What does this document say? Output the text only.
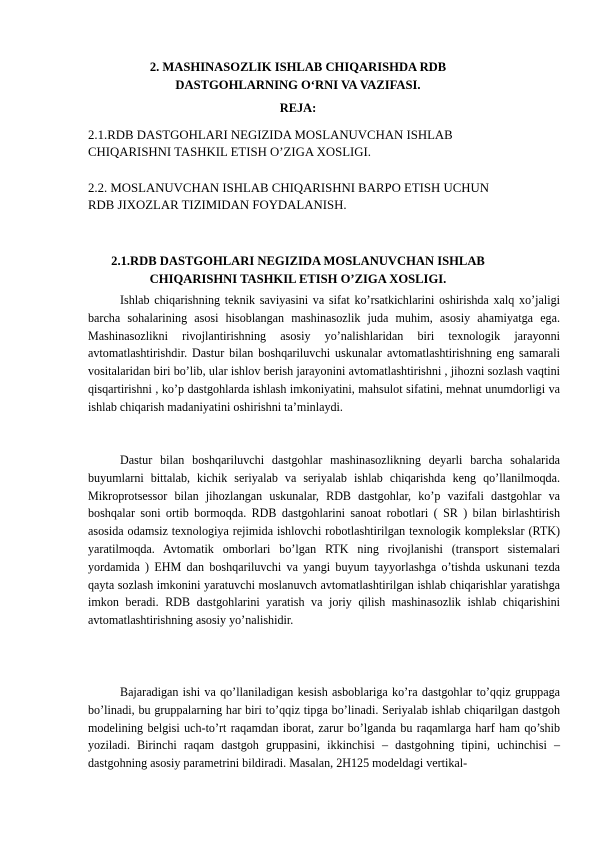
2. MASHINASOZLIK ISHLAB CHIQARISHDA RDB
DASTGOHLARNING O‘RNI VA VAZIFASI.
REJA:
2.1.RDB DASTGOHLARI NEGIZIDA MOSLANUVCHAN ISHLAB
CHIQARISHNI TASHKIL ETISH O’ZIGA XOSLIGI.
2.2. MOSLANUVCHAN ISHLAB CHIQARISHNI BARPO ETISH UCHUN
RDB JIXOZLAR TIZIMIDAN FOYDALANISH.
2.1.RDB DASTGOHLARI NEGIZIDA MOSLANUVCHAN ISHLAB
CHIQARISHNI TASHKIL ETISH O’ZIGA XOSLIGI.
Ishlab chiqarishning teknik saviyasini va sifat ko’rsatkichlarini oshirishda xalq xo’jaligi barcha sohalarining asosi hisoblangan mashinasozlik juda muhim, asosiy ahamiyatga ega. Mashinasozlikni rivojlantirishning asosiy yo’nalishlaridan biri texnologik jarayonni avtomatlashtirishdir. Dastur bilan boshqariluvchi uskunalar avtomatlashtirishning eng samarali vositalaridan biri bo’lib, ular ishlov berish jarayonini avtomatlashtirishni , jihozni sozlash vaqtini qisqartirishni , ko’p dastgohlarda ishlash imkoniyatini, mahsulot sifatini, mehnat unumdorligi va ishlab chiqarish madaniyatini oshirishni ta’minlaydi.
Dastur bilan boshqariluvchi dastgohlar mashinasozlikning deyarli barcha sohalarida buyumlarni bittalab, kichik seriyalab va seriyalab ishlab chiqarishda keng qo’llanilmoqda. Mikroprotsessor bilan jihozlangan uskunalar, RDB dastgohlar, ko’p vazifali dastgohlar va boshqalar soni ortib bormoqda. RDB dastgohlarini sanoat robotlari ( SR ) bilan birlashtirish asosida odamsiz texnologiya rejimida ishlovchi robotlashtirilgan texnologik komplekslar (RTK) yaratilmoqda. Avtomatik omborlari bo’lgan RTK ning rivojlanishi (transport sistemalari yordamida ) EHM dan boshqariluvchi va yangi buyum tayyorlashga o’tishda uskunani tezda qayta sozlash imkonini yaratuvchi moslanuvch avtomatlashtirilgan ishlab chiqarishlar yaratishga imkon beradi. RDB dastgohlarini yaratish va joriy qilish mashinasozlik ishlab chiqarishini avtomatlashtirishning asosiy yo’nalishidir.
Bajaradigan ishi va qo’llaniladigan kesish asboblariga ko’ra dastgohlar to’qqiz gruppaga bo’linadi, bu gruppalarning har biri to’qqiz tipga bo’linadi. Seriyalab ishlab chiqarilgan dastgoh modelining belgisi uch-to’rt raqamdan iborat, zarur bo’lganda bu raqamlarga harf ham qo’shib yoziladi. Birinchi raqam dastgoh gruppasini, ikkinchisi – dastgohning tipini, uchinchisi – dastgohning asosiy parametrini bildiradi. Masalan, 2H125 modeldagi vertikal-
